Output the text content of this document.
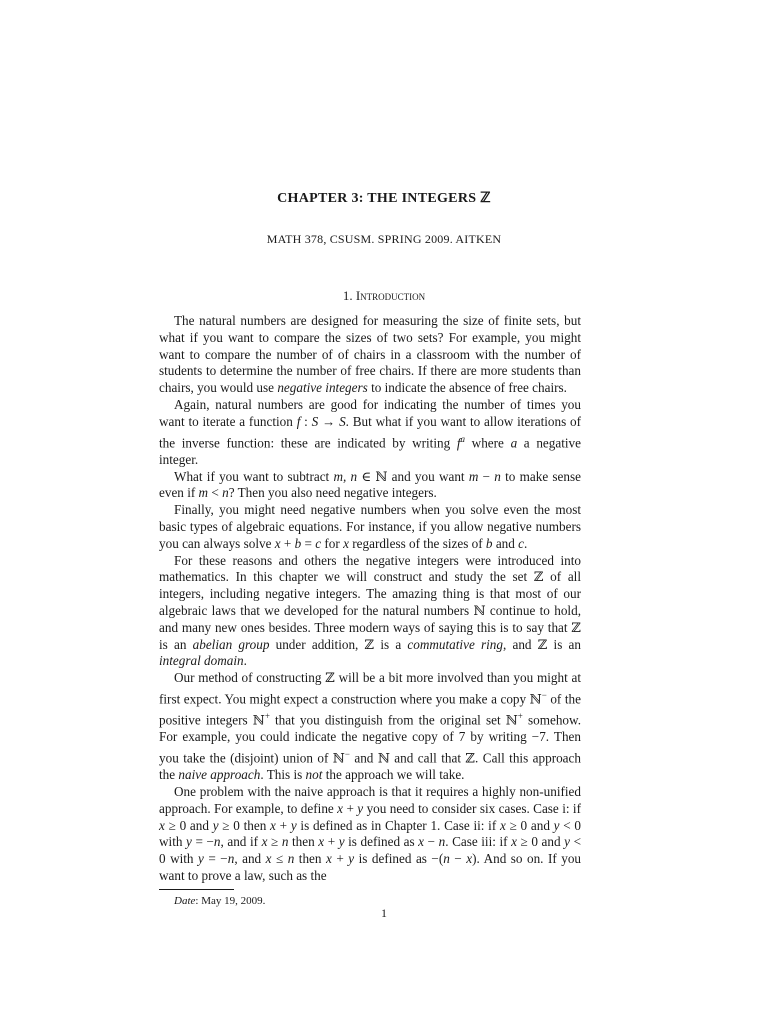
CHAPTER 3: THE INTEGERS ℤ
MATH 378, CSUSM. SPRING 2009. AITKEN
1. Introduction

The natural numbers are designed for measuring the size of finite sets, but what if you want to compare the sizes of two sets? For example, you might want to compare the number of of chairs in a classroom with the number of students to determine the number of free chairs. If there are more students than chairs, you would use negative integers to indicate the absence of free chairs.

Again, natural numbers are good for indicating the number of times you want to iterate a function f : S → S. But what if you want to allow iterations of the inverse function: these are indicated by writing $f^a$ where a a negative integer.

What if you want to subtract m, n ∈ ℕ and you want m − n to make sense even if m < n? Then you also need negative integers.

Finally, you might need negative numbers when you solve even the most basic types of algebraic equations. For instance, if you allow negative numbers you can always solve x + b = c for x regardless of the sizes of b and c.

For these reasons and others the negative integers were introduced into mathematics. In this chapter we will construct and study the set ℤ of all integers, including negative integers. The amazing thing is that most of our algebraic laws that we developed for the natural numbers ℕ continue to hold, and many new ones besides. Three modern ways of saying this is to say that ℤ is an abelian group under addition, ℤ is a commutative ring, and ℤ is an integral domain.

Our method of constructing ℤ will be a bit more involved than you might at first expect. You might expect a construction where you make a copy ℕ− of the positive integers ℕ+ that you distinguish from the original set ℕ+ somehow. For example, you could indicate the negative copy of 7 by writing −7. Then you take the (disjoint) union of ℕ− and ℕ and call that ℤ. Call this approach the naive approach. This is not the approach we will take.

One problem with the naive approach is that it requires a highly non-unified approach. For example, to define x + y you need to consider six cases. Case i: if x ≥ 0 and y ≥ 0 then x + y is defined as in Chapter 1. Case ii: if x ≥ 0 and y < 0 with y = −n, and if x ≥ n then x + y is defined as x − n. Case iii: if x ≥ 0 and y < 0 with y = −n, and x ≤ n then x + y is defined as −(n − x). And so on. If you want to prove a law, such as the

Date: May 19, 2009.
1
